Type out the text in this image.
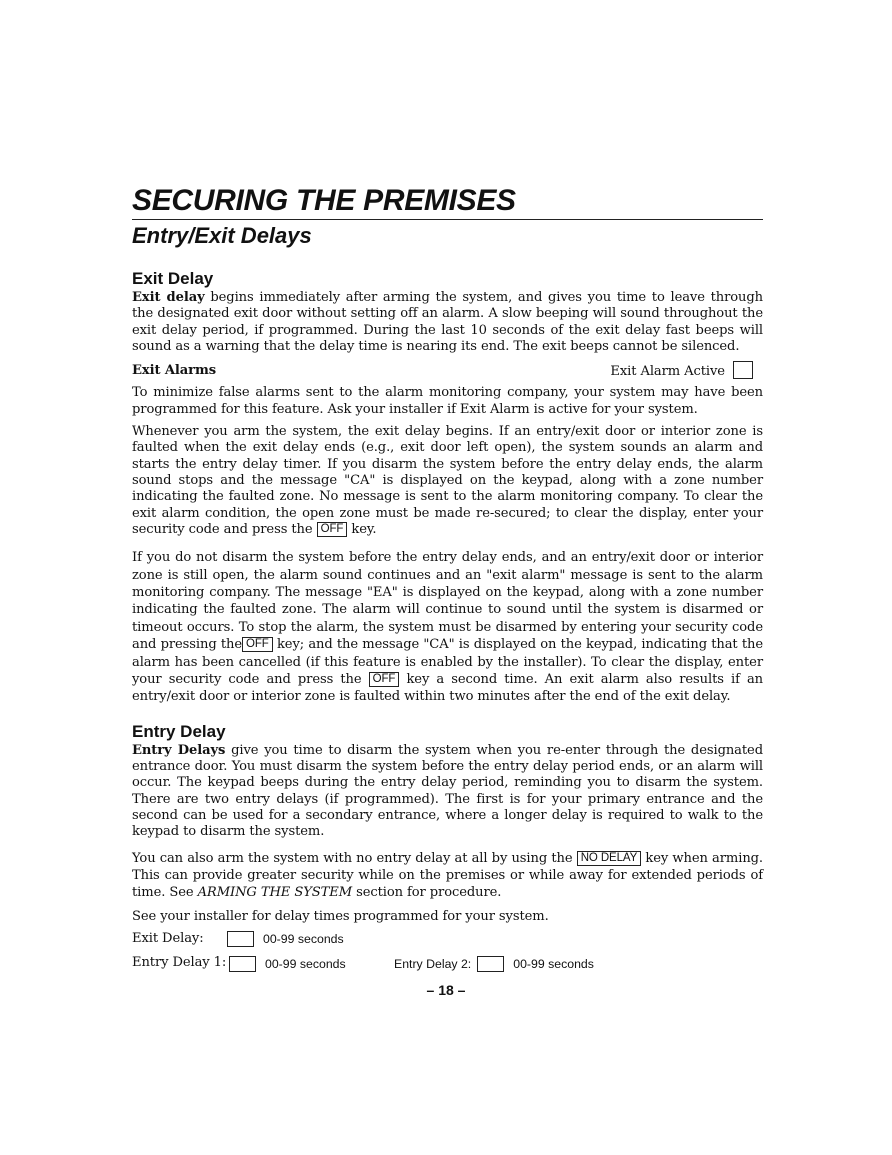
SECURING THE PREMISES
Entry/Exit Delays
Exit Delay

Exit delay begins immediately after arming the system, and gives you time to leave through the designated exit door without setting off an alarm. A slow beeping will sound throughout the exit delay period, if programmed. During the last 10 seconds of the exit delay fast beeps will sound as a warning that the delay time is nearing its end. The exit beeps cannot be silenced.

Exit Alarms	Exit Alarm Active

To minimize false alarms sent to the alarm monitoring company, your system may have been programmed for this feature. Ask your installer if Exit Alarm is active for your system.

Whenever you arm the system, the exit delay begins. If an entry/exit door or interior zone is faulted when the exit delay ends (e.g., exit door left open), the system sounds an alarm and starts the entry delay timer. If you disarm the system before the entry delay ends, the alarm sound stops and the message "CA" is displayed on the keypad, along with a zone number indicating the faulted zone. No message is sent to the alarm monitoring company. To clear the exit alarm condition, the open zone must be made re-secured; to clear the display, enter your security code and press the OFF key.

If you do not disarm the system before the entry delay ends, and an entry/exit door or interior zone is still open, the alarm sound continues and an "exit alarm" message is sent to the alarm monitoring company. The message "EA" is displayed on the keypad, along with a zone number indicating the faulted zone. The alarm will continue to sound until the system is disarmed or timeout occurs. To stop the alarm, the system must be disarmed by entering your security code and pressing the OFF key; and the message "CA" is displayed on the keypad, indicating that the alarm has been cancelled (if this feature is enabled by the installer). To clear the display, enter your security code and press the OFF key a second time. An exit alarm also results if an entry/exit door or interior zone is faulted within two minutes after the end of the exit delay.

Entry Delay

Entry Delays give you time to disarm the system when you re-enter through the designated entrance door. You must disarm the system before the entry delay period ends, or an alarm will occur. The keypad beeps during the entry delay period, reminding you to disarm the system. There are two entry delays (if programmed). The first is for your primary entrance and the second can be used for a secondary entrance, where a longer delay is required to walk to the keypad to disarm the system.

You can also arm the system with no entry delay at all by using the NO DELAY key when arming. This can provide greater security while on the premises or while away for extended periods of time. See ARMING THE SYSTEM section for procedure.

See your installer for delay times programmed for your system.

Exit Delay:	00-99 seconds
Entry Delay 1:	00-99 seconds	Entry Delay 2:	00-99 seconds
– 18 –
